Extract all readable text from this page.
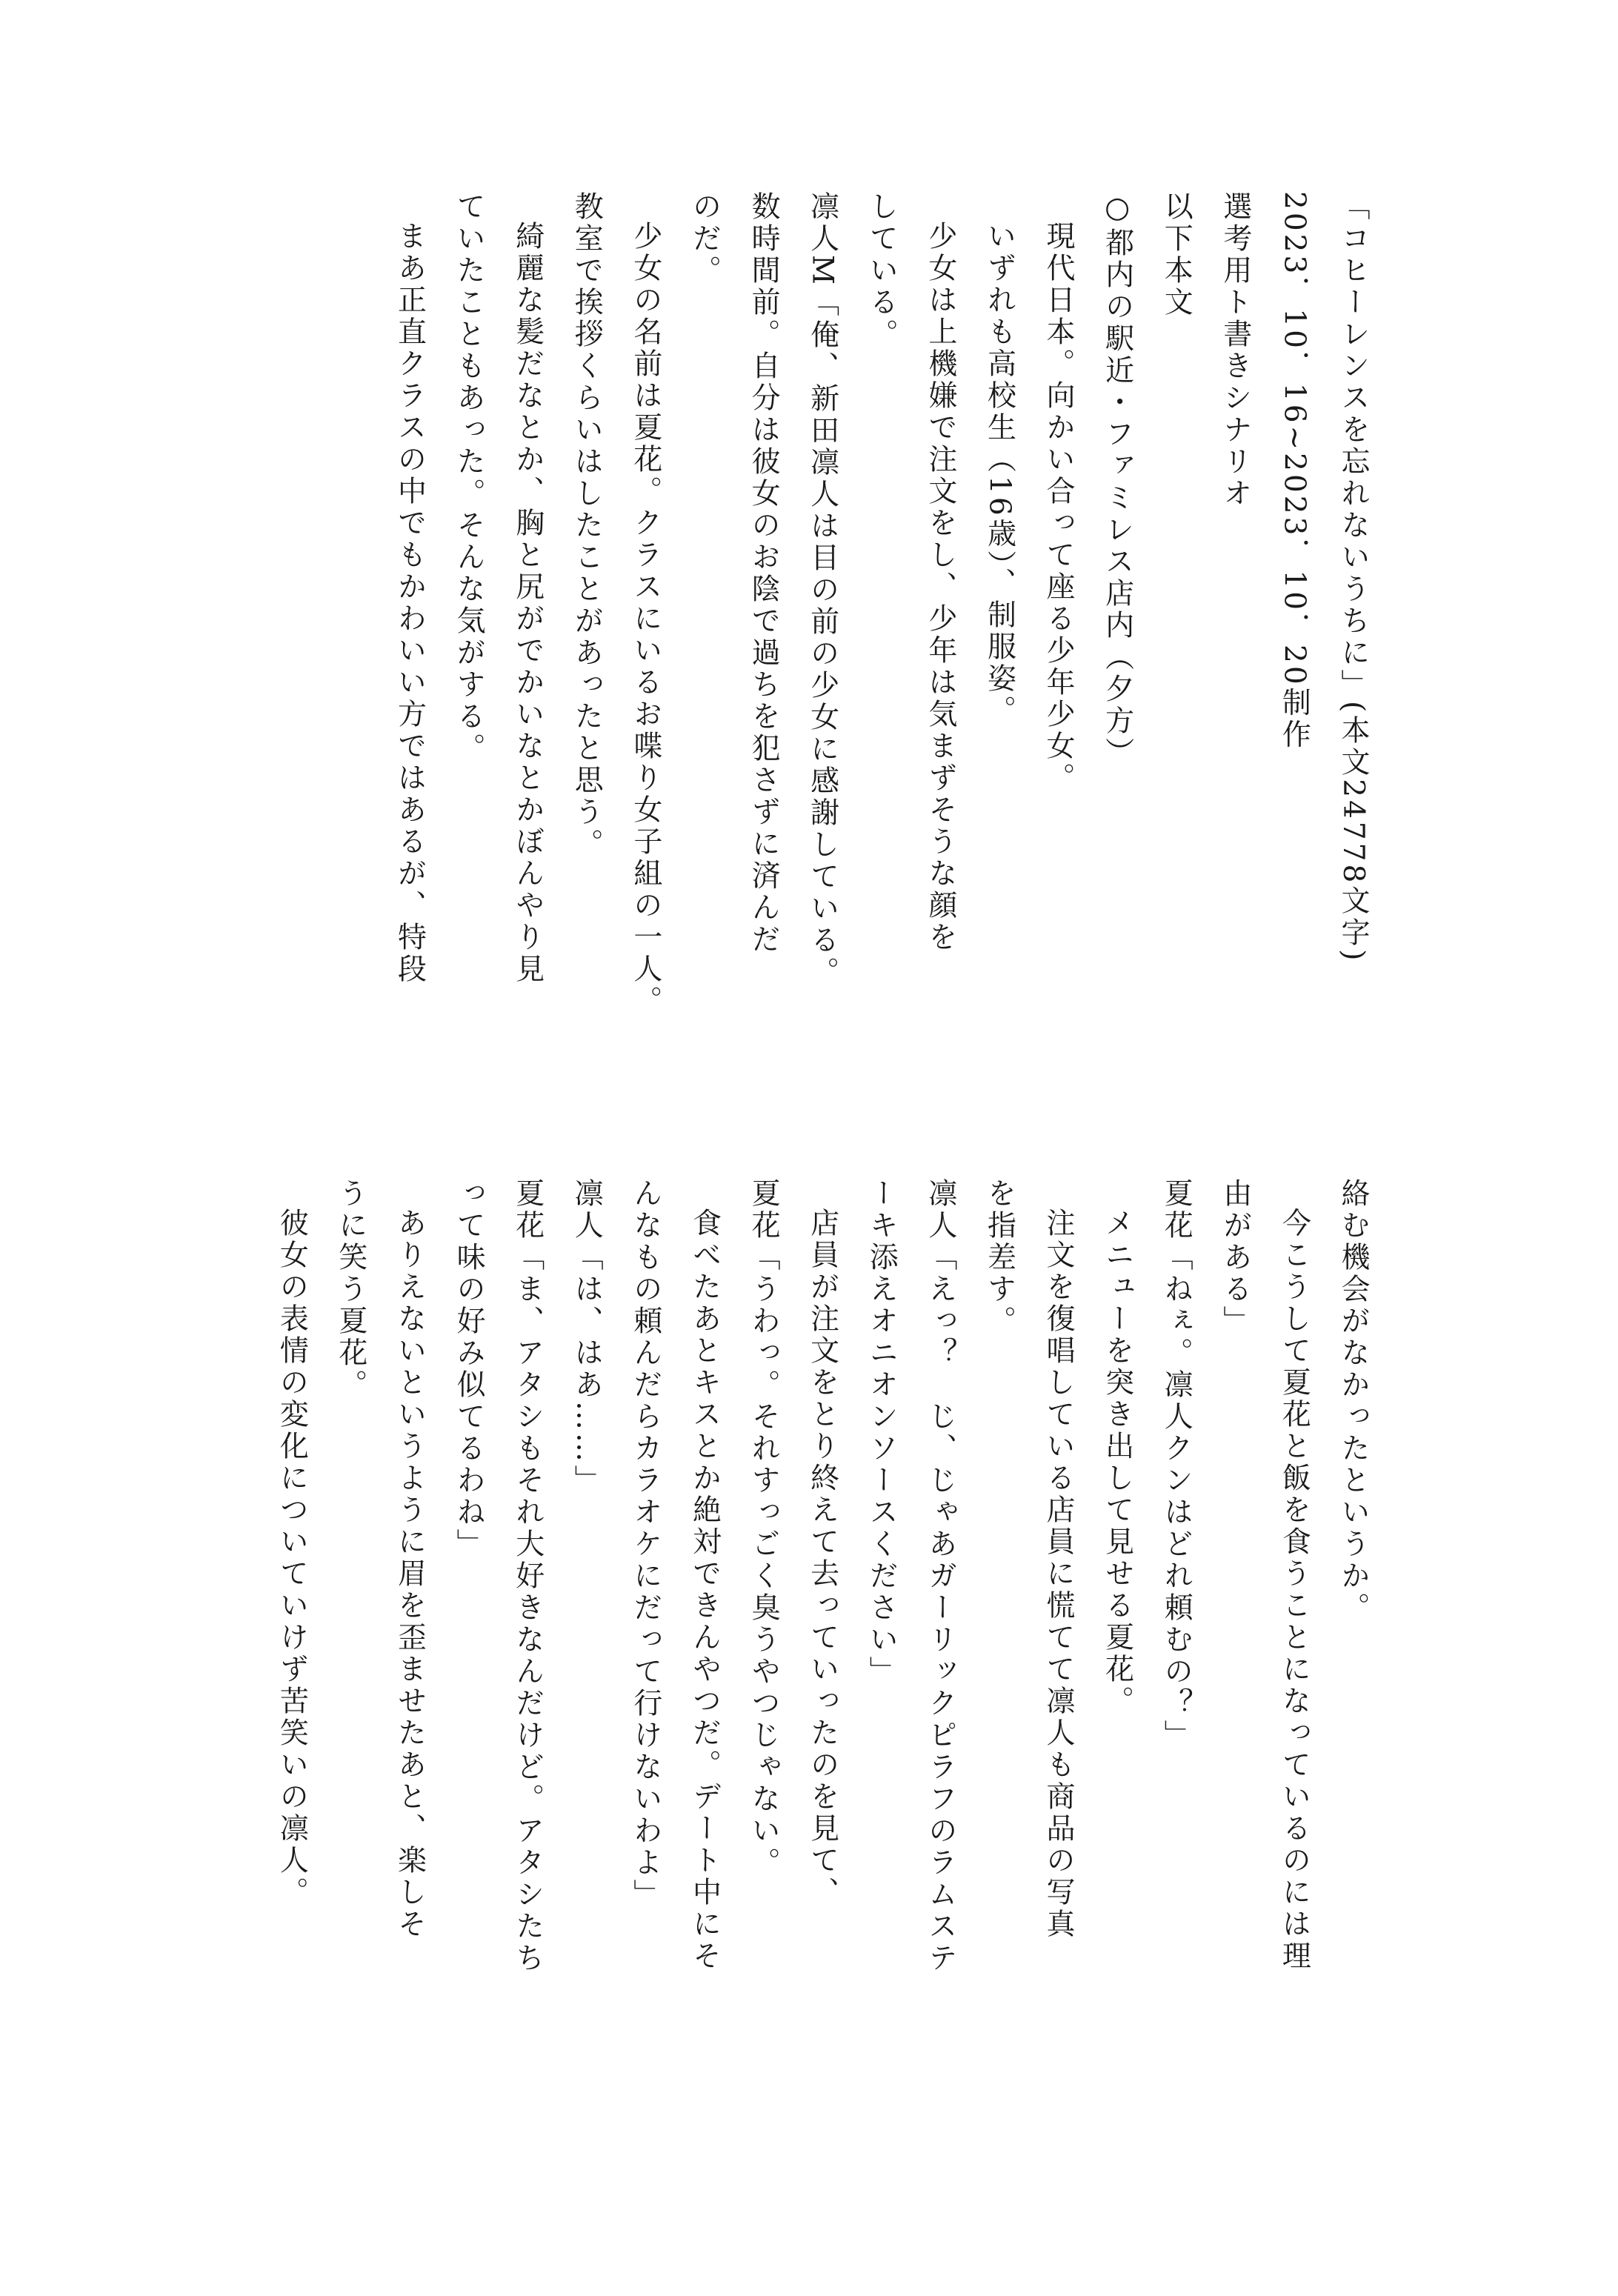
「コヒーレンスを忘れないうちに」(本文24778文字)
2023．10．16~2023．10．20制作
選考用ト書きシナリオ
以下本文
○都内の駅近・ファミレス店内（夕方）
現代日本。向かい合って座る少年少女。
いずれも高校生（16歳）、制服姿。
少女は上機嫌で注文をし、少年は気まずそうな顔を
している。
凛人M「俺、新田凛人は目の前の少女に感謝している。
数時間前。自分は彼女のお陰で過ちを犯さずに済んだ
のだ。
少女の名前は夏花。クラスにいるお喋り女子組の一人。
教室で挨拶くらいはしたことがあったと思う。
綺麗な髪だなとか、胸と尻がでかいなとかぼんやり見
ていたこともあった。そんな気がする。
まあ正直クラスの中でもかわいい方ではあるが、特段
絡む機会がなかったというか。
今こうして夏花と飯を食うことになっているのには理
由がある」
夏花「ねぇ。凛人クンはどれ頼むの？」
メニューを突き出して見せる夏花。
注文を復唱している店員に慌てて凛人も商品の写真
を指差す。
凛人「えっ？　じ、じゃあガーリックピラフのラムステ
ーキ添えオニオンソースください」
店員が注文をとり終えて去っていったのを見て、
夏花「うわっ。それすっごく臭うやつじゃない。
食べたあとキスとか絶対できんやつだ。デート中にそ
んなもの頼んだらカラオケにだって行けないわよ」
凛人「は、はあ……」
夏花「ま、アタシもそれ大好きなんだけど。アタシたち
って味の好み似てるわね」
ありえないというように眉を歪ませたあと、楽しそ
うに笑う夏花。
彼女の表情の変化についていけず苦笑いの凛人。
